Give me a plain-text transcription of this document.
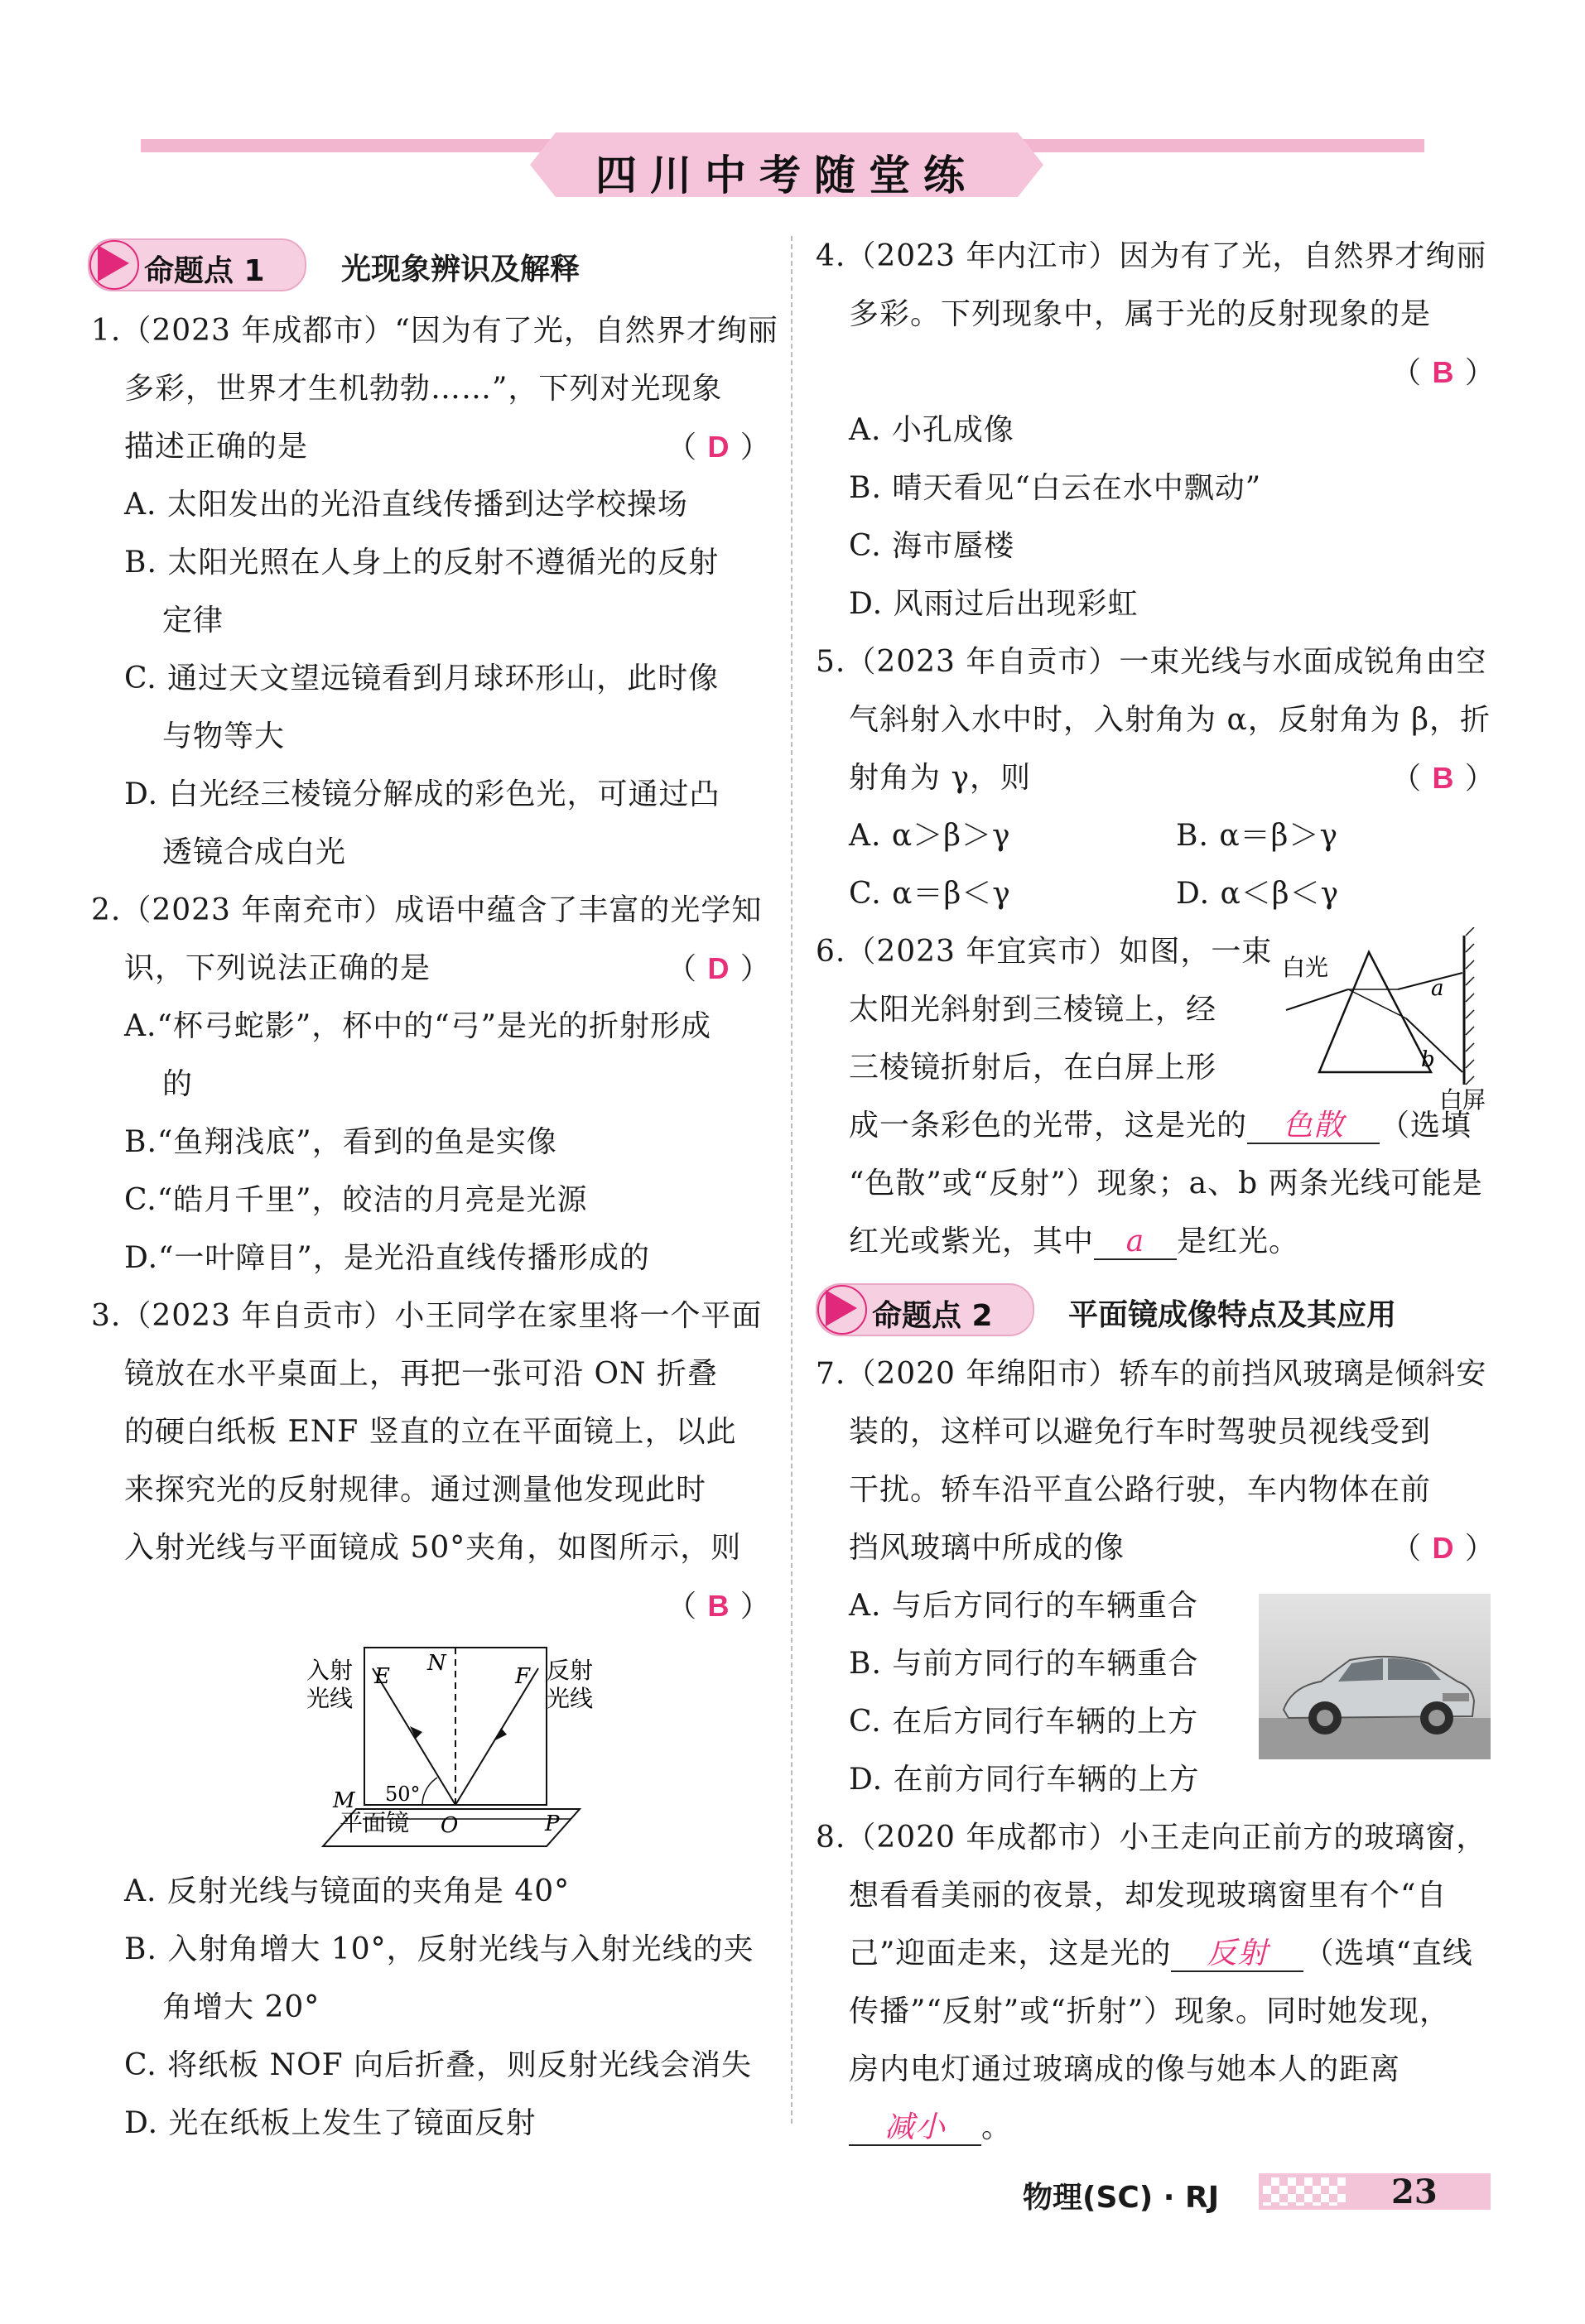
四川中考随堂练
命题点 1	光现象辨识及解释
1.（2023 年成都市）“因为有了光，自然界才绚丽
多彩，世界才生机勃勃……”，下列对光现象
描述正确的是	（ D ）
A. 太阳发出的光沿直线传播到达学校操场
B. 太阳光照在人身上的反射不遵循光的反射
定律
C. 通过天文望远镜看到月球环形山，此时像
与物等大
D. 白光经三棱镜分解成的彩色光，可通过凸
透镜合成白光
2.（2023 年南充市）成语中蕴含了丰富的光学知
识，下列说法正确的是	（ D ）
A.“杯弓蛇影”，杯中的“弓”是光的折射形成
的
B.“鱼翔浅底”，看到的鱼是实像
C.“皓月千里”，皎洁的月亮是光源
D.“一叶障目”，是光沿直线传播形成的
3.（2023 年自贡市）小王同学在家里将一个平面
镜放在水平桌面上，再把一张可沿 ON 折叠
的硬白纸板 ENF 竖直的立在平面镜上，以此
来探究光的反射规律。通过测量他发现此时
入射光线与平面镜成 50°夹角，如图所示，则
（ B ）
入射
光线
反射
光线
E
N
F
M
O	P
50°
平面镜
A. 反射光线与镜面的夹角是 40°
B. 入射角增大 10°，反射光线与入射光线的夹
角增大 20°
C. 将纸板 NOF 向后折叠，则反射光线会消失
D. 光在纸板上发生了镜面反射
4.（2023 年内江市）因为有了光，自然界才绚丽
多彩。下列现象中，属于光的反射现象的是
（ B ）
A. 小孔成像
B. 晴天看见“白云在水中飘动”
C. 海市蜃楼
D. 风雨过后出现彩虹
5.（2023 年自贡市）一束光线与水面成锐角由空
气斜射入水中时，入射角为 α，反射角为 β，折
射角为 γ，则	（ B ）
A. α＞β＞γ	B. α＝β＞γ
C. α＝β＜γ	D. α＜β＜γ
6.（2023 年宜宾市）如图，一束
太阳光斜射到三棱镜上，经
三棱镜折射后，在白屏上形
成一条彩色的光带，这是光的 色散 （选填
“色散”或“反射”）现象；a、b 两条光线可能是
红光或紫光，其中 a 是红光。
白光
a
b
白屏
命题点 2	平面镜成像特点及其应用
7.（2020 年绵阳市）轿车的前挡风玻璃是倾斜安
装的，这样可以避免行车时驾驶员视线受到
干扰。轿车沿平直公路行驶，车内物体在前
挡风玻璃中所成的像	（ D ）
A. 与后方同行的车辆重合
B. 与前方同行的车辆重合
C. 在后方同行车辆的上方
D. 在前方同行车辆的上方
8.（2020 年成都市）小王走向正前方的玻璃窗，
想看看美丽的夜景，却发现玻璃窗里有个“自
己”迎面走来，这是光的 反射 （选填“直线
传播”“反射”或“折射”）现象。同时她发现，
房内电灯通过玻璃成的像与她本人的距离
减小 。
物理(SC) · RJ	23
